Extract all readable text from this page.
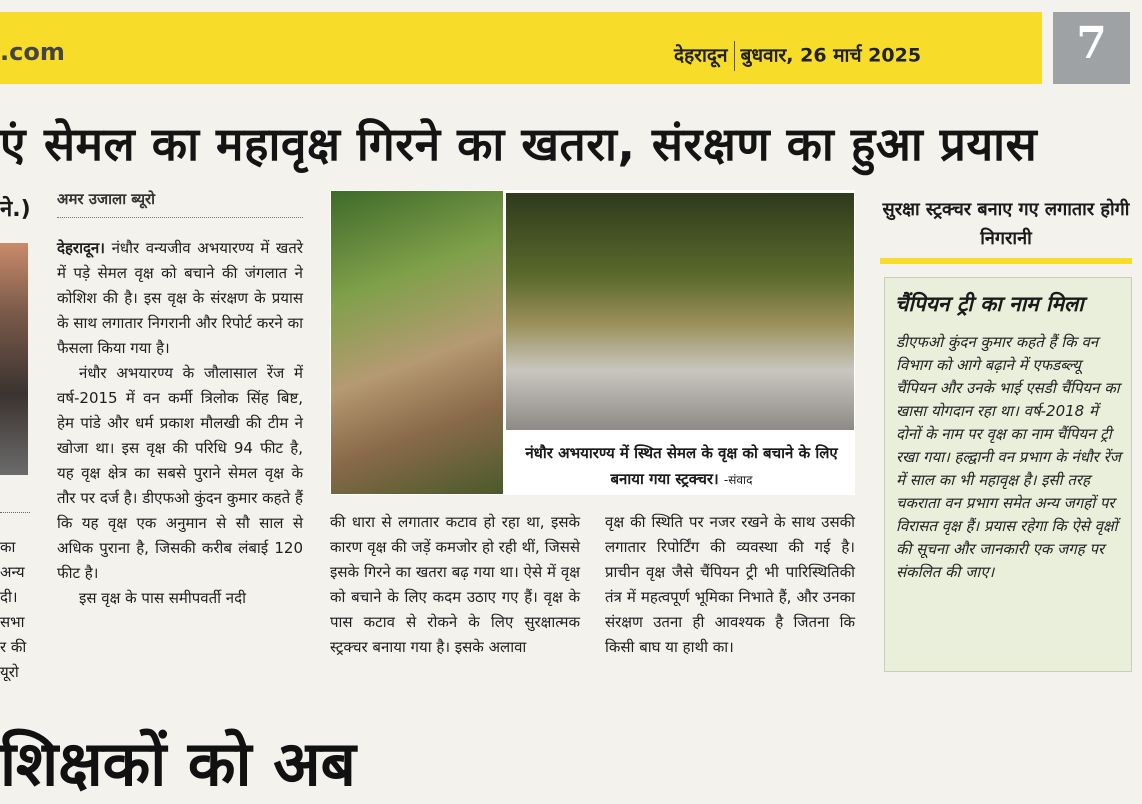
.com	देहरादून बुधवार, 26 मार्च 2025	7
एं सेमल का महावृक्ष गिरने का खतरा, संरक्षण का हुआ प्रयास
ने.)
का
अन्य
दी।
सभा
र की
यूरो
अमर उजाला ब्यूरो

देहरादून। नंधौर वन्यजीव अभयारण्य में खतरे में पड़े सेमल वृक्ष को बचाने की जंगलात ने कोशिश की है। इस वृक्ष के संरक्षण के प्रयास के साथ लगातार निगरानी और रिपोर्ट करने का फैसला किया गया है।

नंधौर अभयारण्य के जौलासाल रेंज में वर्ष-2015 में वन कर्मी त्रिलोक सिंह बिष्ट, हेम पांडे और धर्म प्रकाश मौलखी की टीम ने खोजा था। इस वृक्ष की परिधि 94 फीट है, यह वृक्ष क्षेत्र का सबसे पुराने सेमल वृक्ष के तौर पर दर्ज है। डीएफओ कुंदन कुमार कहते हैं कि यह वृक्ष एक अनुमान से सौ साल से अधिक पुराना है, जिसकी करीब लंबाई 120 फीट है।

इस वृक्ष के पास समीपवर्ती नदी

नंधौर अभयारण्य में स्थित सेमल के वृक्ष को बचाने के लिए बनाया गया स्ट्रक्चर। -संवाद

की धारा से लगातार कटाव हो रहा था, इसके कारण वृक्ष की जड़ें कमजोर हो रही थीं, जिससे इसके गिरने का खतरा बढ़ गया था। ऐसे में वृक्ष को बचाने के लिए कदम उठाए गए हैं। वृक्ष के पास कटाव से रोकने के लिए सुरक्षात्मक स्ट्रक्चर बनाया गया है। इसके अलावा

वृक्ष की स्थिति पर नजर रखने के साथ उसकी लगातार रिपोर्टिंग की व्यवस्था की गई है। प्राचीन वृक्ष जैसे चैंपियन ट्री भी पारिस्थितिकी तंत्र में महत्वपूर्ण भूमिका निभाते हैं, और उनका संरक्षण उतना ही आवश्यक है जितना कि किसी बाघ या हाथी का।

सुरक्षा स्ट्रक्चर बनाए गए लगातार होगी निगरानी
चैंपियन ट्री का नाम मिला
डीएफओ कुंदन कुमार कहते हैं कि वन विभाग को आगे बढ़ाने में एफडब्ल्यू चैंपियन और उनके भाई एसडी चैंपियन का खासा योगदान रहा था। वर्ष-2018 में दोनों के नाम पर वृक्ष का नाम चैंपियन ट्री रखा गया। हल्द्वानी वन प्रभाग के नंधौर रेंज में साल का भी महावृक्ष है। इसी तरह चकराता वन प्रभाग समेत अन्य जगहों पर विरासत वृक्ष हैं। प्रयास रहेगा कि ऐसे वृक्षों की सूचना और जानकारी एक जगह पर संकलित की जाए।
शिक्षकों को अब
